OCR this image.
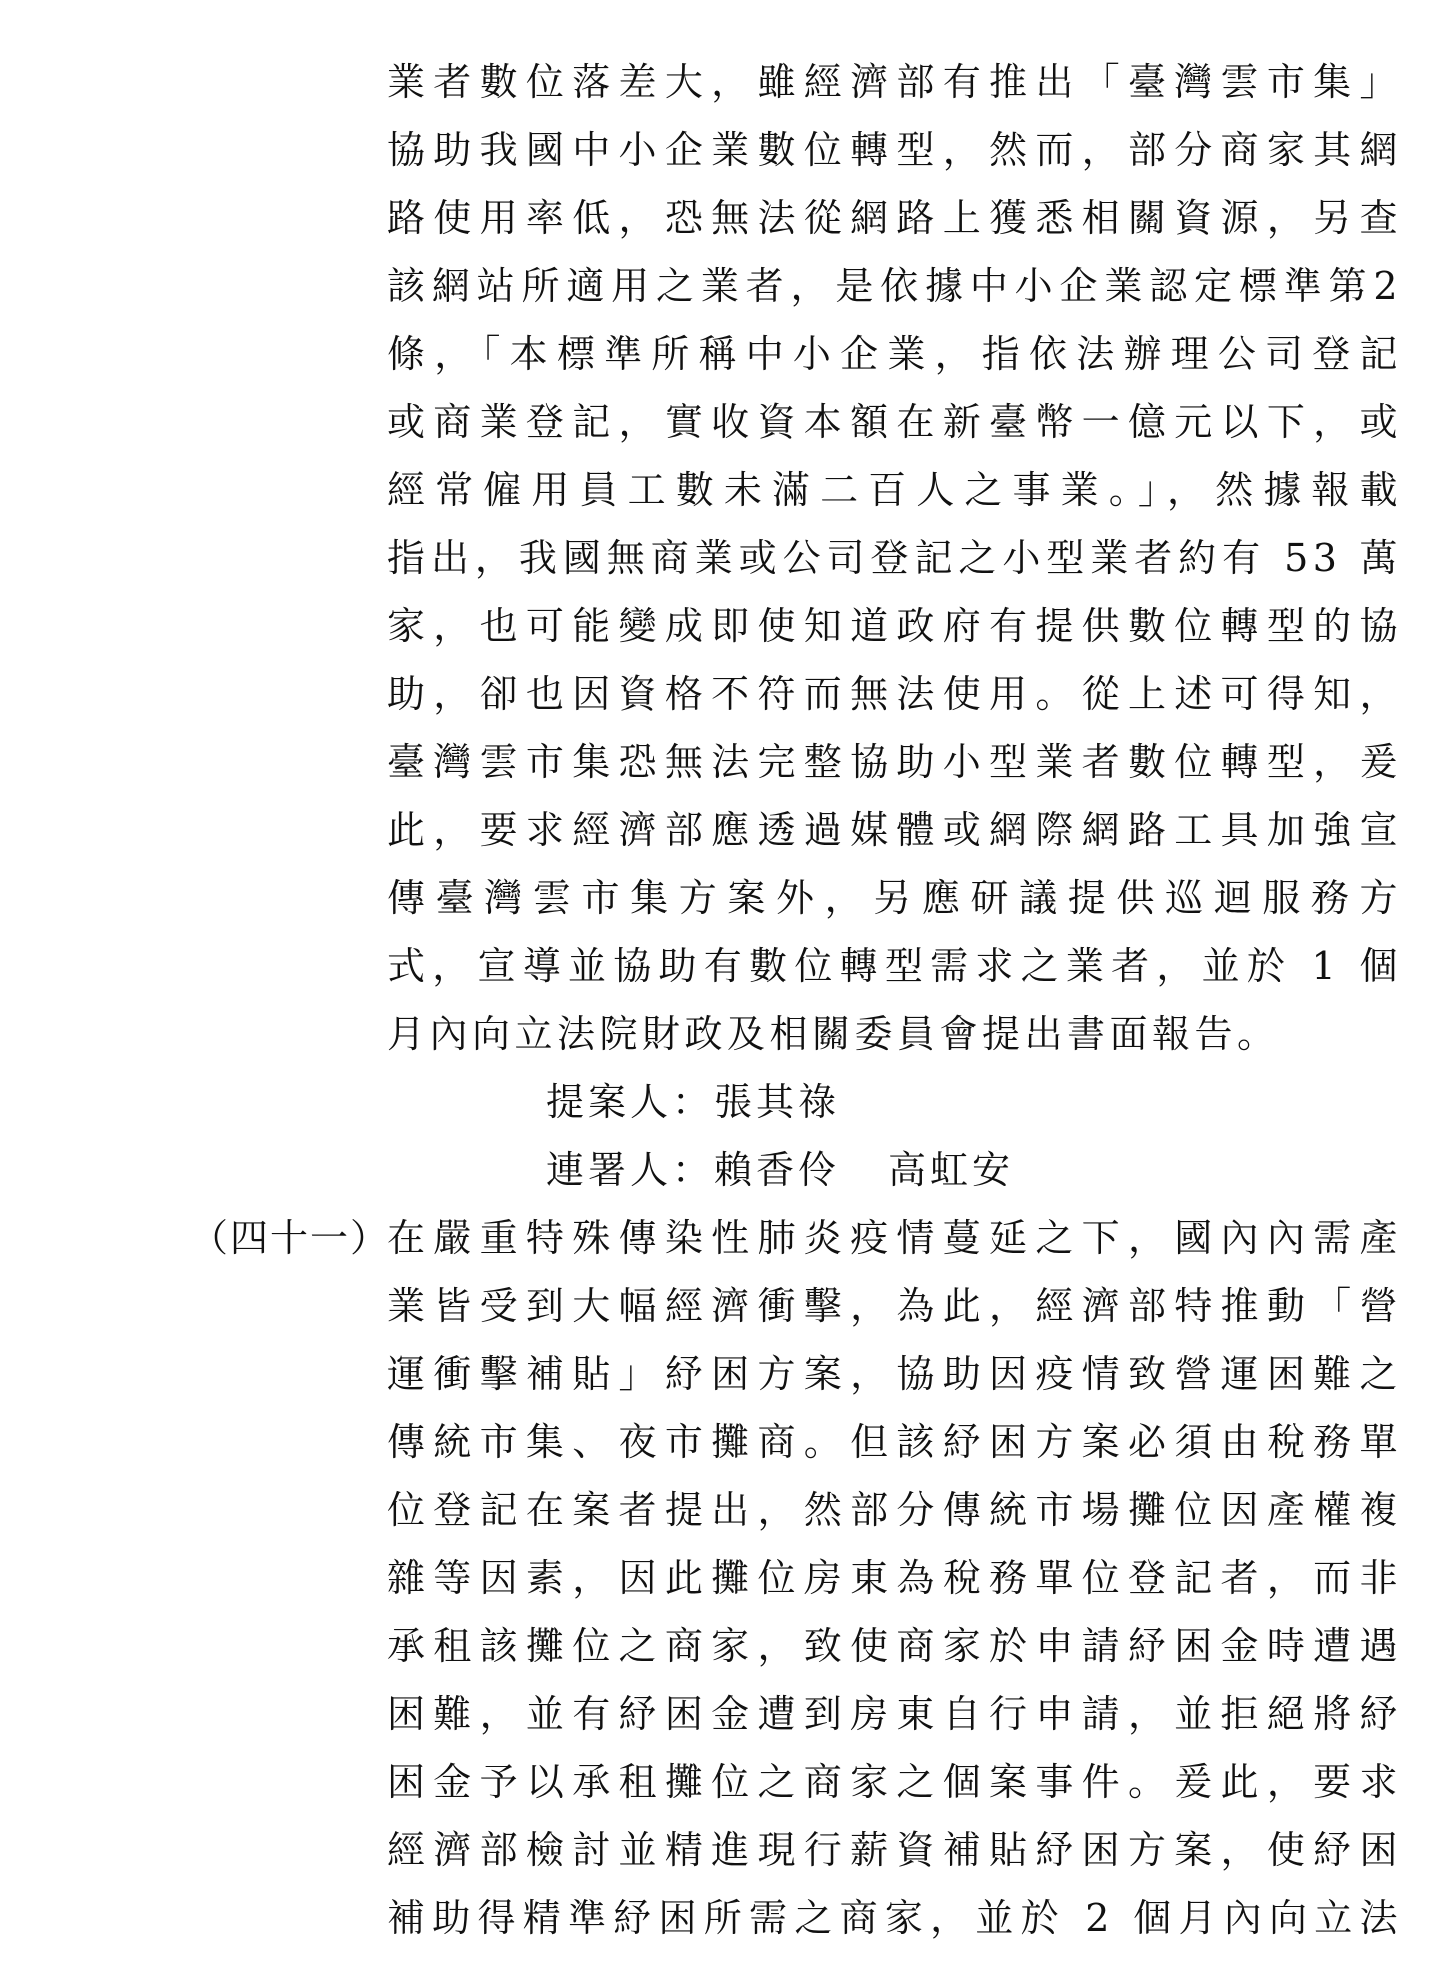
業者數位落差大，雖經濟部有推出「臺灣雲市集」
協助我國中小企業數位轉型，然而，部分商家其網
路使用率低，恐無法從網路上獲悉相關資源，另查
該網站所適用之業者，是依據中小企業認定標準第2
條，「本標準所稱中小企業，指依法辦理公司登記
或商業登記，實收資本額在新臺幣一億元以下，或
經常僱用員工數未滿二百人之事業。」，然據報載
指出，我國無商業或公司登記之小型業者約有 53 萬
家，也可能變成即使知道政府有提供數位轉型的協
助，卻也因資格不符而無法使用。從上述可得知，
臺灣雲市集恐無法完整協助小型業者數位轉型，爰
此，要求經濟部應透過媒體或網際網路工具加強宣
傳臺灣雲市集方案外，另應研議提供巡迴服務方
式，宣導並協助有數位轉型需求之業者，並於 1 個
月內向立法院財政及相關委員會提出書面報告。
提案人：張其祿
連署人：賴香伶 高虹安
（四十一）
在嚴重特殊傳染性肺炎疫情蔓延之下，國內內需產
業皆受到大幅經濟衝擊，為此，經濟部特推動「營
運衝擊補貼」紓困方案，協助因疫情致營運困難之
傳統市集、夜市攤商。但該紓困方案必須由稅務單
位登記在案者提出，然部分傳統市場攤位因產權複
雜等因素，因此攤位房東為稅務單位登記者，而非
承租該攤位之商家，致使商家於申請紓困金時遭遇
困難，並有紓困金遭到房東自行申請，並拒絕將紓
困金予以承租攤位之商家之個案事件。爰此，要求
經濟部檢討並精進現行薪資補貼紓困方案，使紓困
補助得精準紓困所需之商家，並於 2 個月內向立法
